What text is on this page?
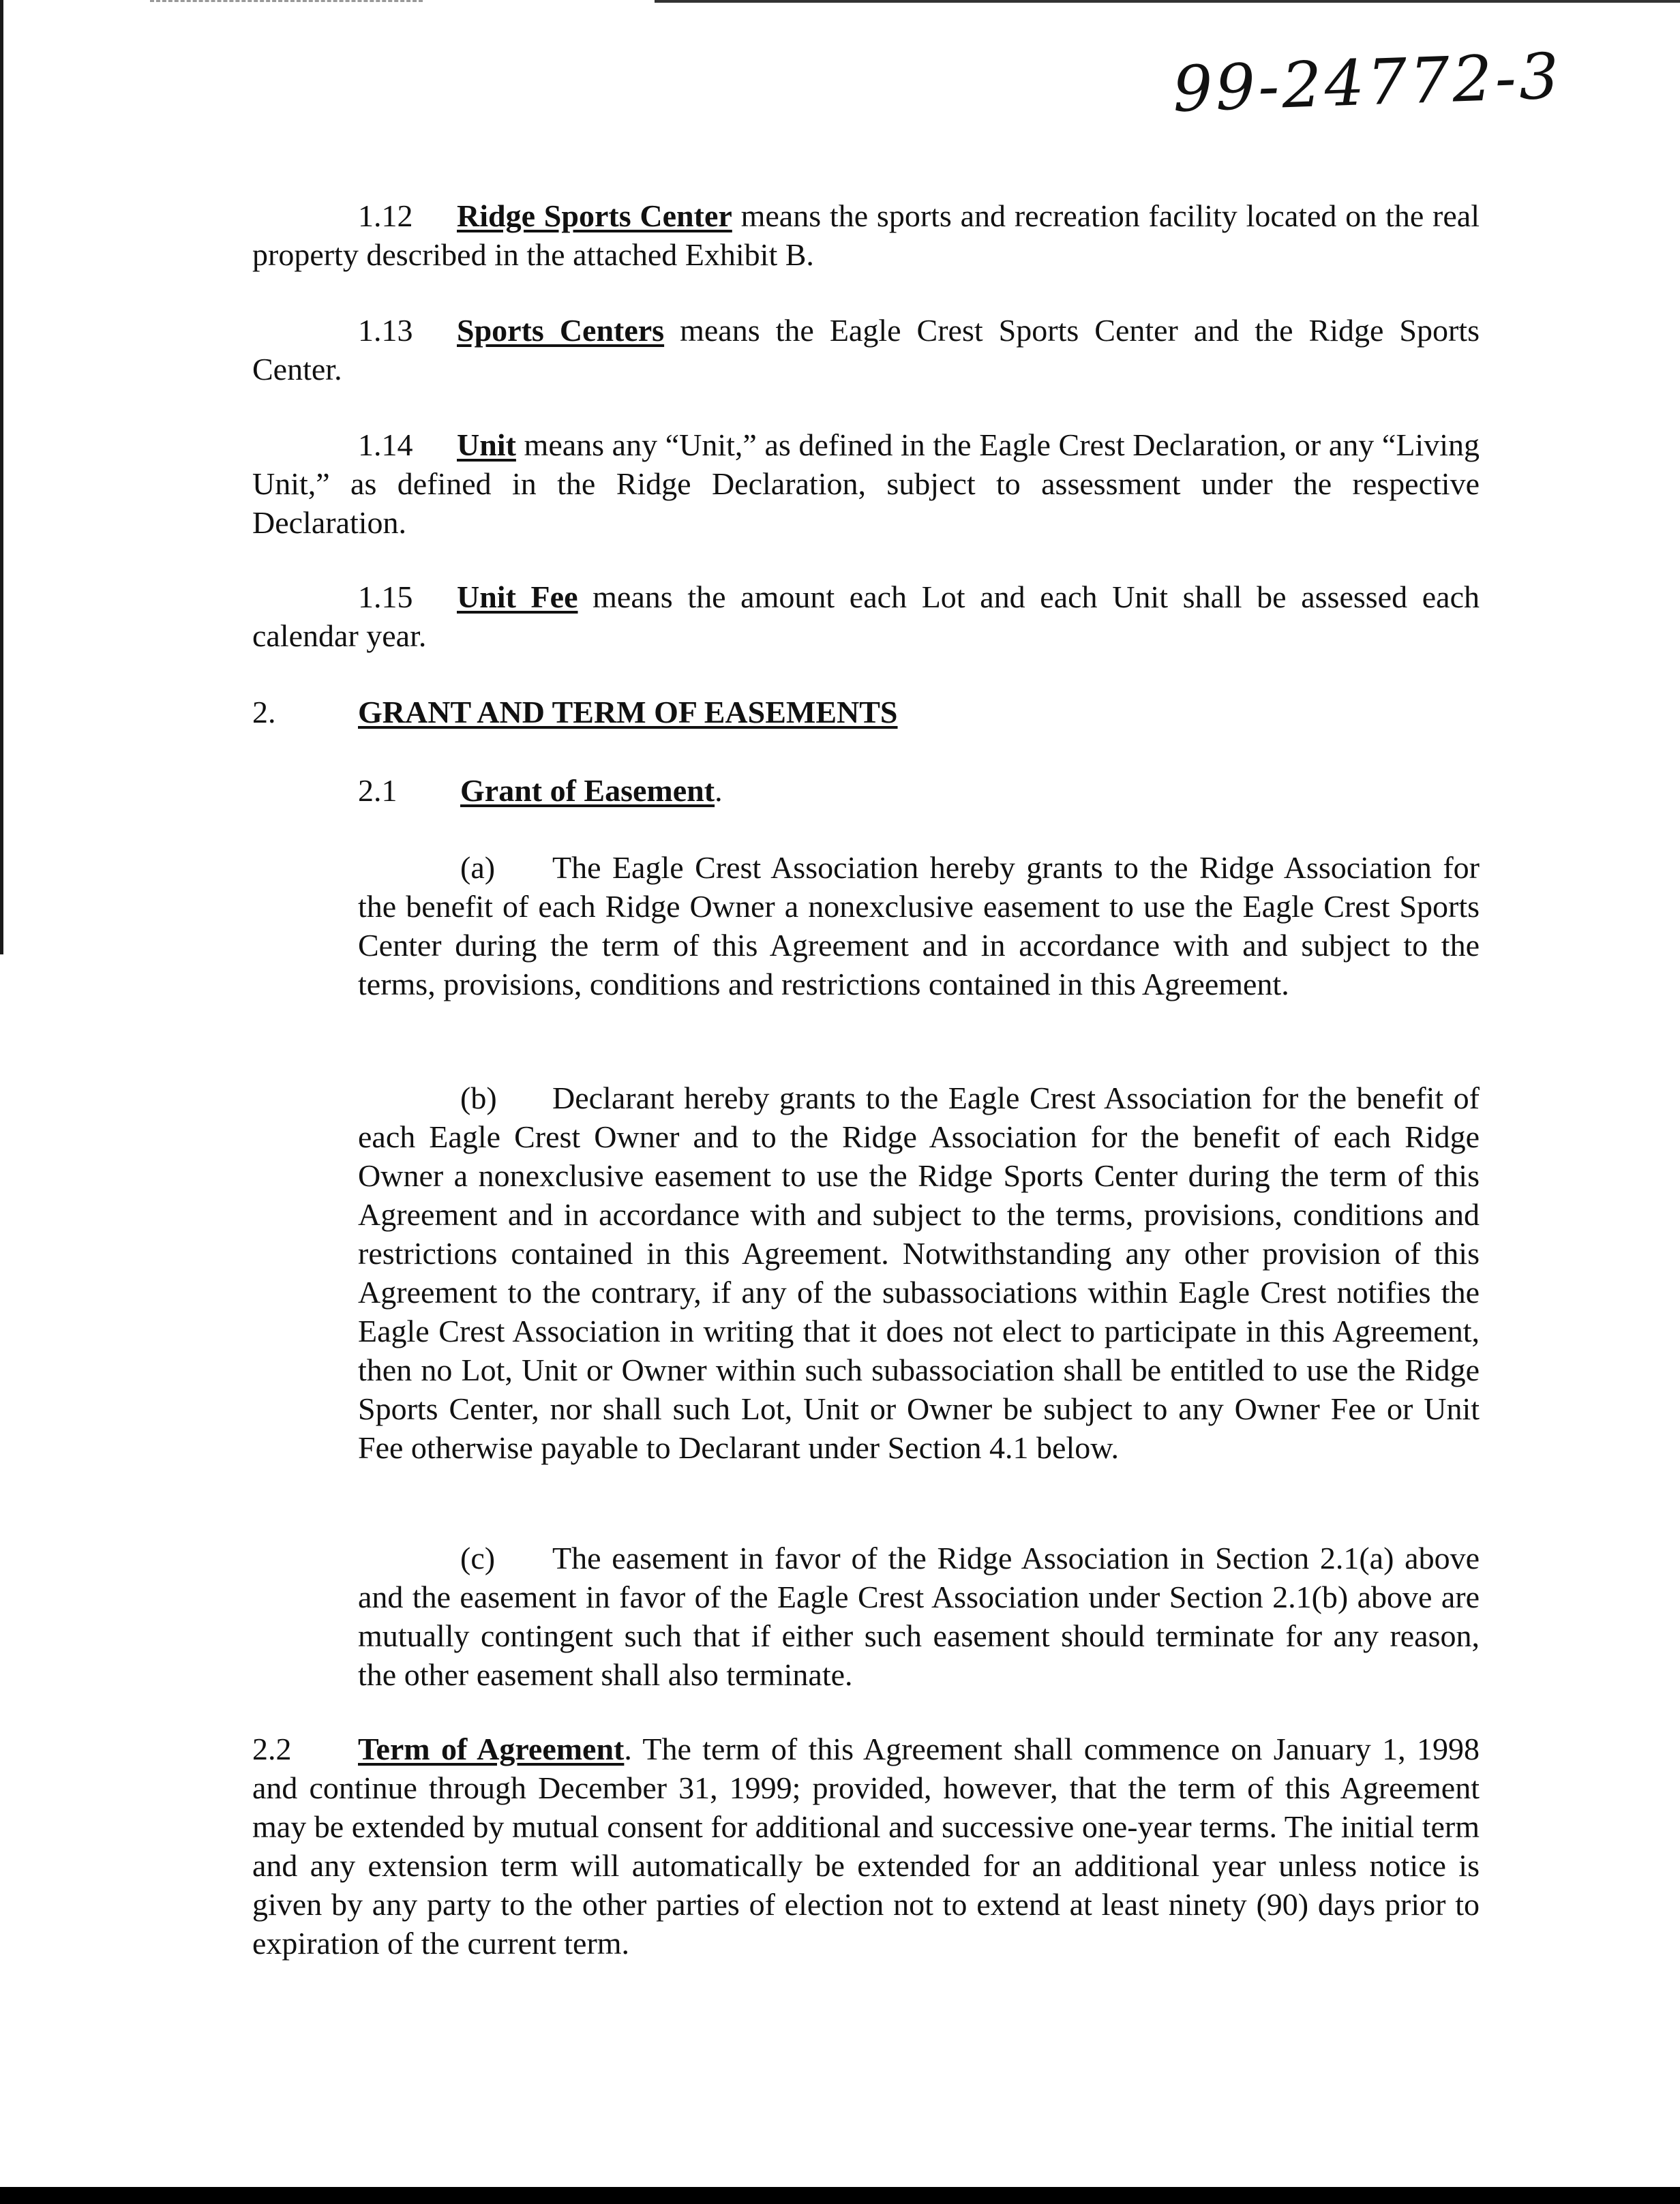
99-24772-3

1.12 Ridge Sports Center means the sports and recreation facility located on the real property described in the attached Exhibit B.

1.13 Sports Centers means the Eagle Crest Sports Center and the Ridge Sports Center.

1.14 Unit means any “Unit,” as defined in the Eagle Crest Declaration, or any “Living Unit,” as defined in the Ridge Declaration, subject to assessment under the respective Declaration.

1.15 Unit Fee means the amount each Lot and each Unit shall be assessed each calendar year.

2.	GRANT AND TERM OF EASEMENTS

2.1 Grant of Easement.

(a) The Eagle Crest Association hereby grants to the Ridge Association for the benefit of each Ridge Owner a nonexclusive easement to use the Eagle Crest Sports Center during the term of this Agreement and in accordance with and subject to the terms, provisions, conditions and restrictions contained in this Agreement.

(b) Declarant hereby grants to the Eagle Crest Association for the benefit of each Eagle Crest Owner and to the Ridge Association for the benefit of each Ridge Owner a nonexclusive easement to use the Ridge Sports Center during the term of this Agreement and in accordance with and subject to the terms, provisions, conditions and restrictions contained in this Agreement. Notwithstanding any other provision of this Agreement to the contrary, if any of the subassociations within Eagle Crest notifies the Eagle Crest Association in writing that it does not elect to participate in this Agreement, then no Lot, Unit or Owner within such subassociation shall be entitled to use the Ridge Sports Center, nor shall such Lot, Unit or Owner be subject to any Owner Fee or Unit Fee otherwise payable to Declarant under Section 4.1 below.

(c) The easement in favor of the Ridge Association in Section 2.1(a) above and the easement in favor of the Eagle Crest Association under Section 2.1(b) above are mutually contingent such that if either such easement should terminate for any reason, the other easement shall also terminate.

2.2 Term of Agreement. The term of this Agreement shall commence on January 1, 1998 and continue through December 31, 1999; provided, however, that the term of this Agreement may be extended by mutual consent for additional and successive one-year terms. The initial term and any extension term will automatically be extended for an additional year unless notice is given by any party to the other parties of election not to extend at least ninety (90) days prior to expiration of the current term.
